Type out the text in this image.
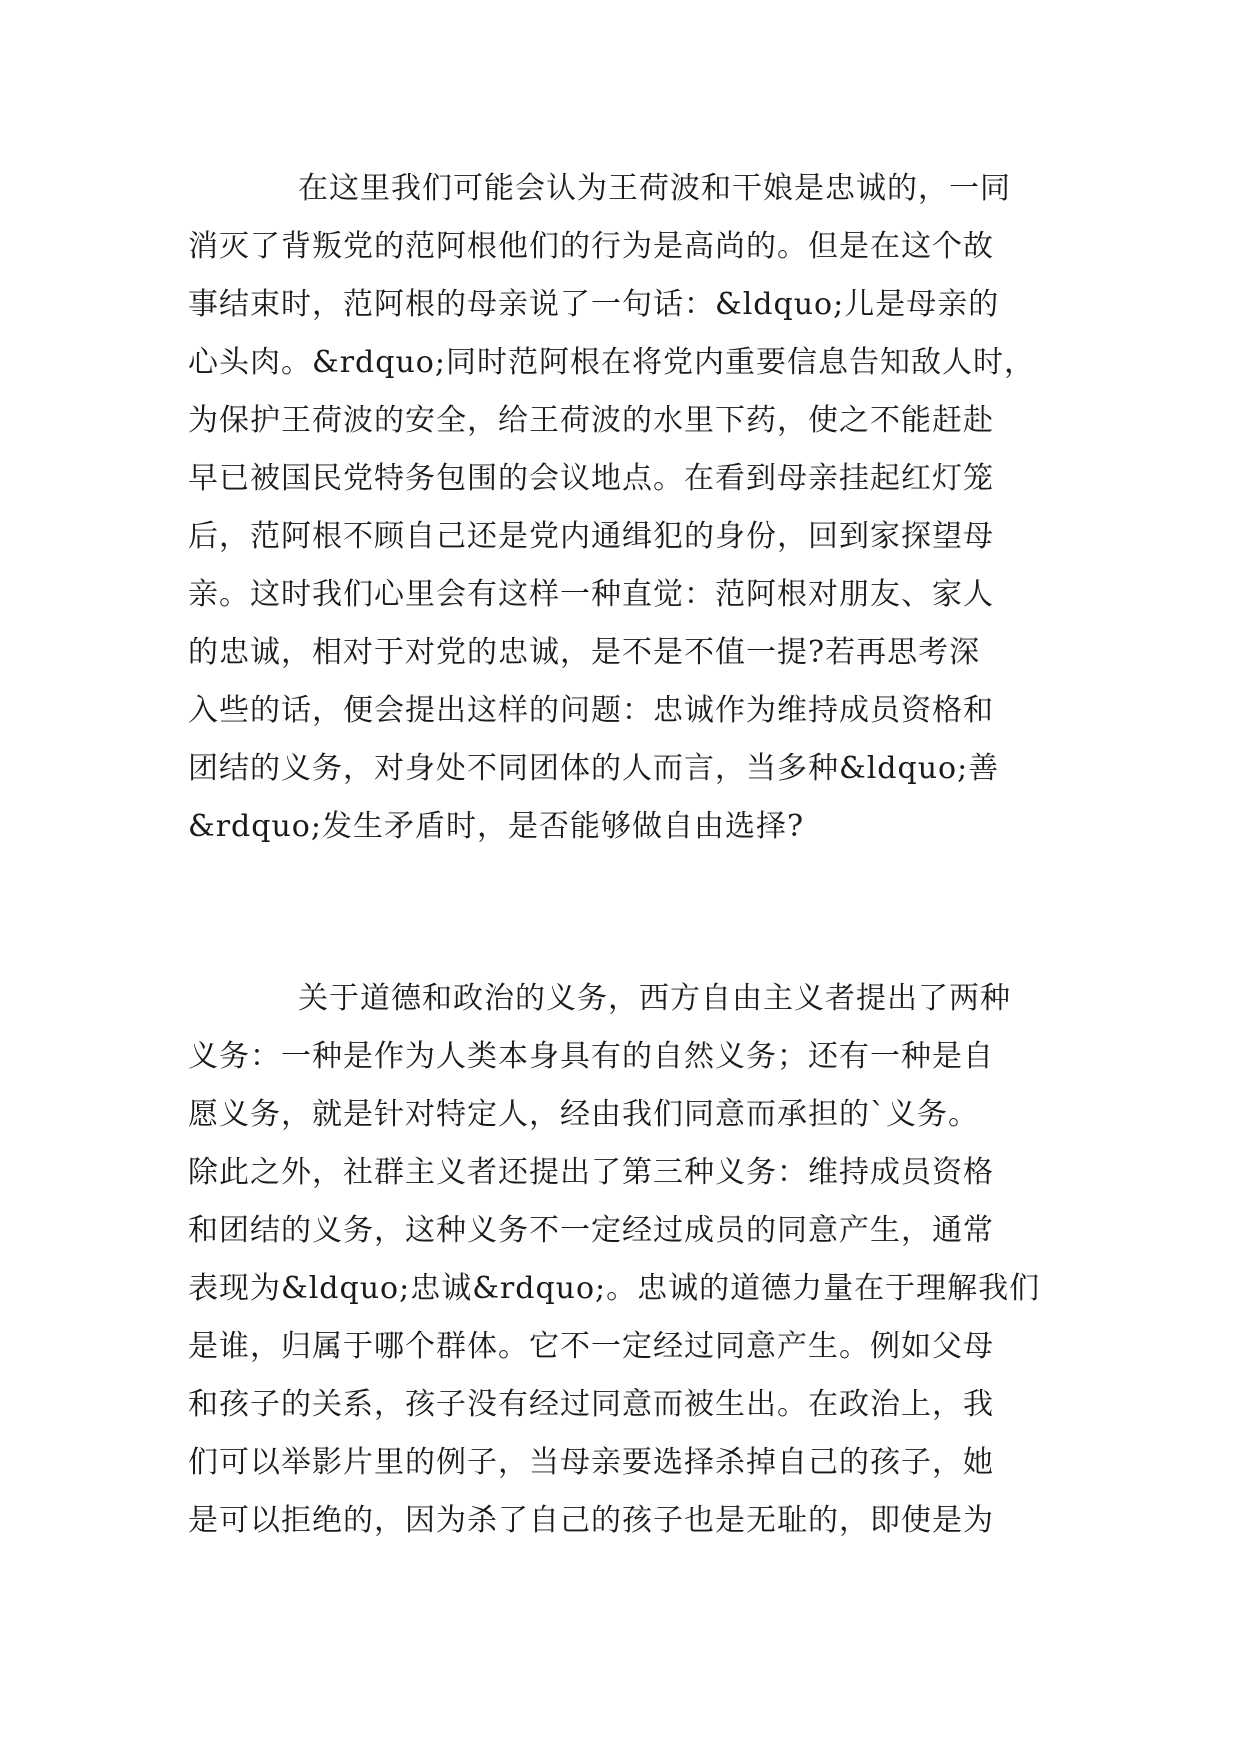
在这里我们可能会认为王荷波和干娘是忠诚的，一同
消灭了背叛党的范阿根他们的行为是高尚的。但是在这个故
事结束时，范阿根的母亲说了一句话：&ldquo;儿是母亲的
心头肉。&rdquo;同时范阿根在将党内重要信息告知敌人时，
为保护王荷波的安全，给王荷波的水里下药，使之不能赶赴
早已被国民党特务包围的会议地点。在看到母亲挂起红灯笼
后，范阿根不顾自己还是党内通缉犯的身份，回到家探望母
亲。这时我们心里会有这样一种直觉：范阿根对朋友、家人
的忠诚，相对于对党的忠诚，是不是不值一提?若再思考深
入些的话，便会提出这样的问题：忠诚作为维持成员资格和
团结的义务，对身处不同团体的人而言，当多种&ldquo;善
&rdquo;发生矛盾时，是否能够做自由选择?
关于道德和政治的义务，西方自由主义者提出了两种
义务：一种是作为人类本身具有的自然义务；还有一种是自
愿义务，就是针对特定人，经由我们同意而承担的`义务。
除此之外，社群主义者还提出了第三种义务：维持成员资格
和团结的义务，这种义务不一定经过成员的同意产生，通常
表现为&ldquo;忠诚&rdquo;。忠诚的道德力量在于理解我们
是谁，归属于哪个群体。它不一定经过同意产生。例如父母
和孩子的关系，孩子没有经过同意而被生出。在政治上，我
们可以举影片里的例子，当母亲要选择杀掉自己的孩子，她
是可以拒绝的，因为杀了自己的孩子也是无耻的，即使是为
